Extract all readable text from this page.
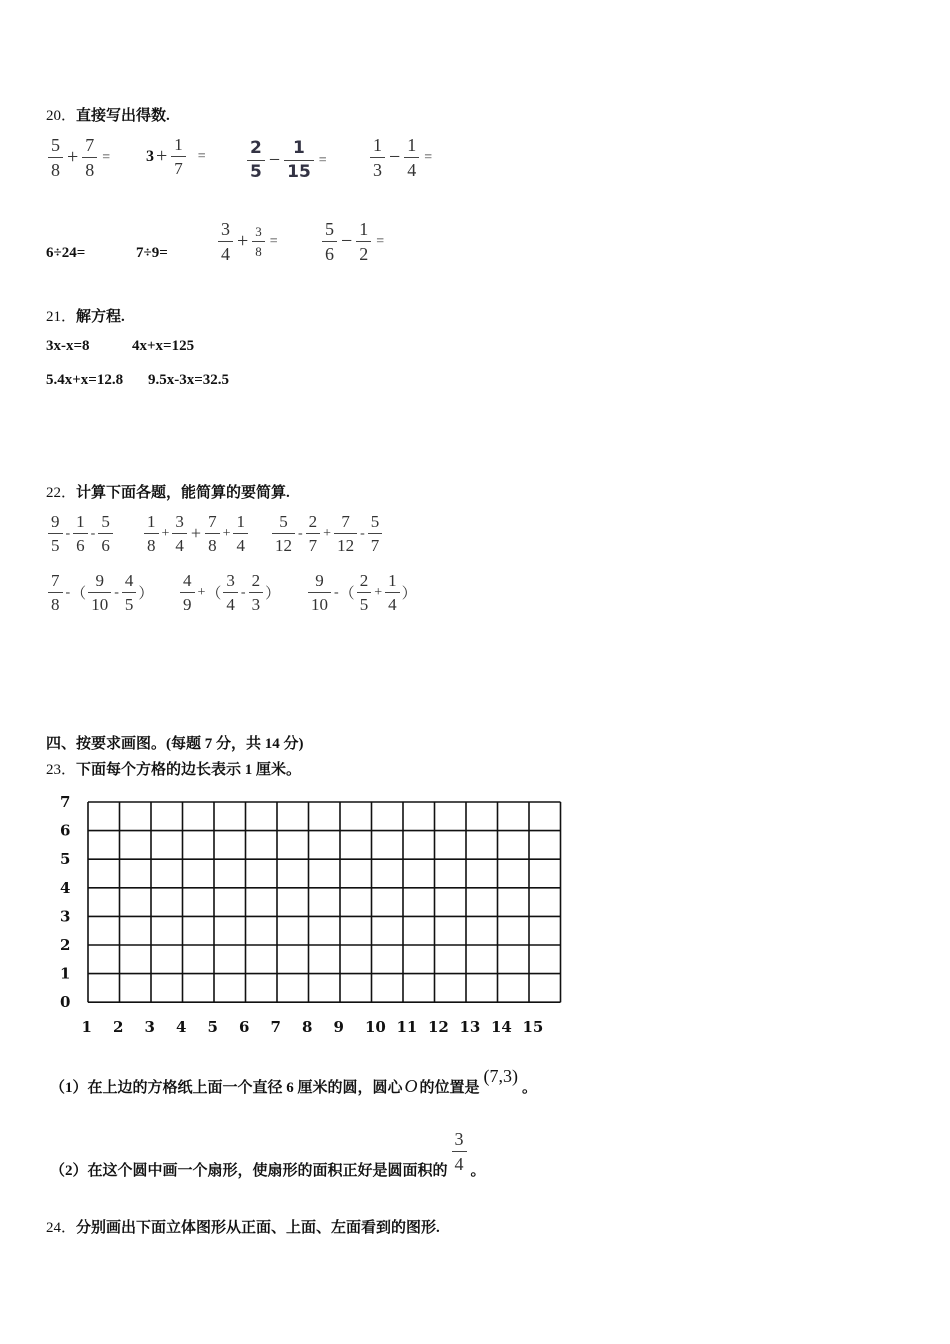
20．直接写出得数.
$\frac{5}{8} + \frac{7}{8} = 3 + \frac{1}{7} = \frac{2}{5} - \frac{1}{15} = \frac{1}{3} - \frac{1}{4}$ =
6÷24=	7÷9=	$\frac{3}{4} + \frac{3}{8} = \frac{5}{6} - \frac{1}{2}$ =
21．解方程.
3x-x=8	4x+x=125
5.4x+x=12.8 9.5x-3x=32.5
22．计算下面各题，能简算的要简算.
$\frac{9}{5} - \frac{1}{6} - \frac{5}{6} \frac{1}{8} + \frac{3}{4} + \frac{7}{8} + \frac{1}{4} \frac{5}{12} - \frac{2}{7} + \frac{7}{12} - \frac{5}{7}$
$\frac{7}{8}$ - （ $\frac{9}{10} - \frac{4}{5}$ ） $\frac{4}{9}$ + （ $\frac{3}{4} - \frac{2}{3}$ ） $\frac{9}{10}$ - （ $\frac{2}{5} + \frac{1}{4}$ ）
四、按要求画图。(每题 7 分，共 14 分)
23．下面每个方格的边长表示 1 厘米。
0
1
2
3
4
5
6
7
1 2 3 4 5 6 7 8 9 10 11 12 13 14 15
（1）在上边的方格纸上面一个直径 6 厘米的圆，圆心 O 的位置是
(7,3)
。
（2）在这个圆中画一个扇形，使扇形的面积正好是圆面积的 $\frac{3}{4}$ 。
24．分别画出下面立体图形从正面、上面、左面看到的图形.
